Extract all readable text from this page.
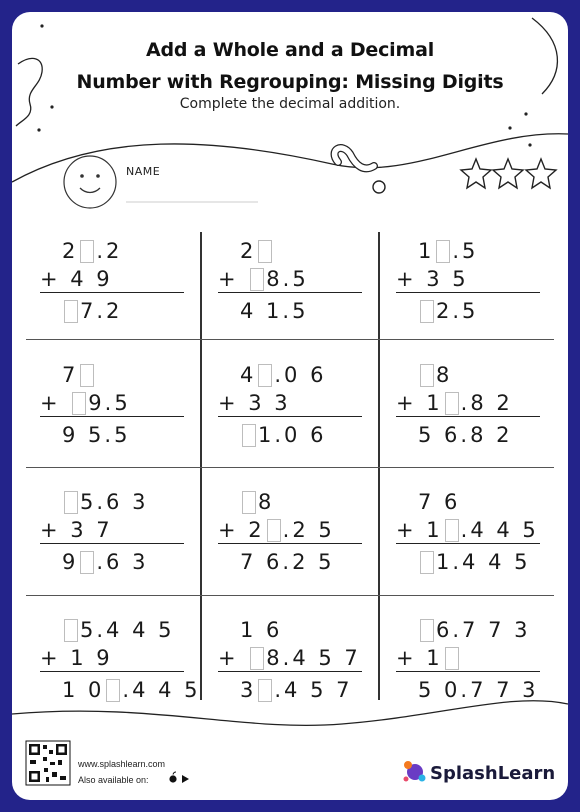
Add a Whole and a Decimal
Number with Regrouping: Missing Digits
Complete the decimal addition.
NAME
2 .2
+ 4 9
7.2
2
+ 8.5
4 1.5
1 .5
+ 3 5
2.5
7
+ 9.5
9 5.5
4 .0 6
+ 3 3
1.0 6
8
+ 1 .8 2
5 6.8 2
5.6 3
+ 3 7
9 .6 3
8
+ 2 .2 5
7 6.2 5
7 6
+ 1 .4 4 5
1.4 4 5
5.4 4 5
+ 1 9
1 0 .4 4 5
1 6
+ 8.4 5 7
3 .4 5 7
6.7 7 3
+ 1
5 0.7 7 3
www.splashlearn.com
Also available on:	SplashLearn
